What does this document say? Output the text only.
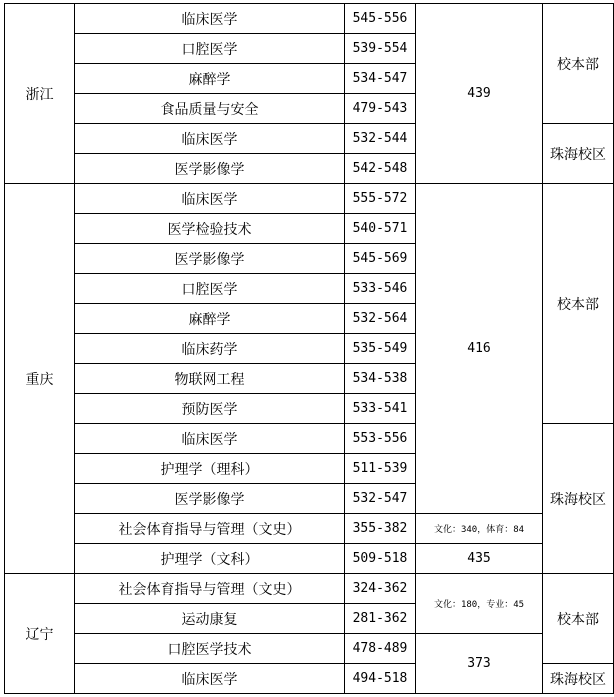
浙江	临床医学	545-556	439	校本部
	口腔医学	539-554		
	麻醉学	534-547		
	食品质量与安全	479-543		
	临床医学	532-544		珠海校区
	医学影像学	542-548		
重庆	临床医学	555-572	416	校本部
	医学检验技术	540-571		
	医学影像学	545-569		
	口腔医学	533-546		
	麻醉学	532-564		
	临床药学	535-549		
	物联网工程	534-538		
	预防医学	533-541		
	临床医学	553-556		珠海校区
	护理学（理科）	511-539		
	医学影像学	532-547		
	社会体育指导与管理（文史）	355-382	文化：340，体育：84	
	护理学（文科）	509-518	435	
辽宁	社会体育指导与管理（文史）	324-362	文化：180，专业：45	校本部
	运动康复	281-362		
	口腔医学技术	478-489	373	
	临床医学	494-518		珠海校区
